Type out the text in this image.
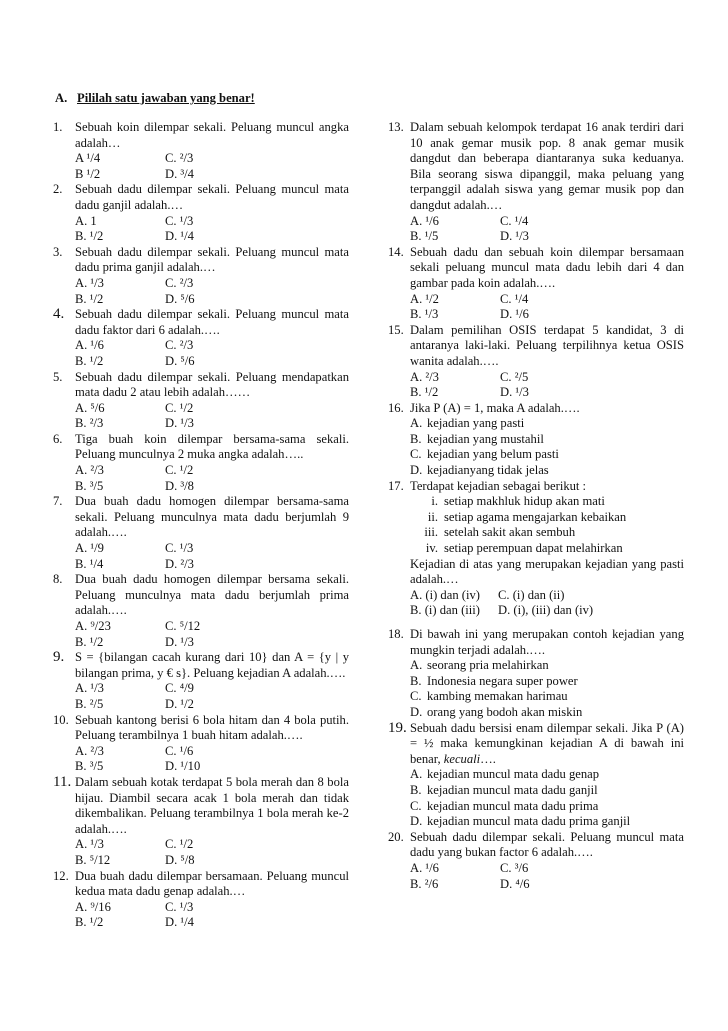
A. Pililah satu jawaban yang benar!
1. Sebuah koin dilempar sekali. Peluang muncul angka adalah…
A ¹/4	C. ²/3
B ¹/2	D. ³/4
2. Sebuah dadu dilempar sekali. Peluang muncul mata dadu ganjil adalah.…
A. 1	C. ¹/3
B. ¹/2	D. ¹/4
3. Sebuah dadu dilempar sekali. Peluang muncul mata dadu prima ganjil adalah.…
A. ¹/3	C. ²/3
B. ¹/2	D. ⁵/6
4. Sebuah dadu dilempar sekali. Peluang muncul mata dadu faktor dari 6 adalah.….
A. ¹/6	C. ²/3
B. ¹/2	D. ⁵/6
5. Sebuah dadu dilempar sekali. Peluang mendapatkan mata dadu 2 atau lebih adalah……
A. ⁵/6	C. ¹/2
B. ²/3	D. ¹/3
6. Tiga buah koin dilempar bersama-sama sekali. Peluang munculnya 2 muka angka adalah…..
A. ²/3	C. ¹/2
B. ³/5	D. ³/8
7. Dua buah dadu homogen dilempar bersama-sama sekali. Peluang munculnya mata dadu berjumlah 9 adalah.….
A. ¹/9	C. ¹/3
B. ¹/4	D. ²/3
8. Dua buah dadu homogen dilempar bersama sekali. Peluang munculnya mata dadu berjumlah prima adalah.….
A. ⁹/23	C. ⁵/12
B. ¹/2	D. ¹/3
9. S = {bilangan cacah kurang dari 10} dan A = {y | y bilangan prima, y € s}. Peluang kejadian A adalah.….
A. ¹/3	C. ⁴/9
B. ²/5	D. ¹/2
10. Sebuah kantong berisi 6 bola hitam dan 4 bola putih. Peluang terambilnya 1 buah hitam adalah.….
A. ²/3	C. ¹/6
B. ³/5	D. ¹/10
11. Dalam sebuah kotak terdapat 5 bola merah dan 8 bola hijau. Diambil secara acak 1 bola merah dan tidak dikembalikan. Peluang terambilnya 1 bola merah ke-2 adalah.….
A. ¹/3	C. ¹/2
B. ⁵/12	D. ⁵/8
12. Dua buah dadu dilempar bersamaan. Peluang muncul kedua mata dadu genap adalah.…
A. ⁹/16	C. ¹/3
B. ¹/2	D. ¹/4
13. Dalam sebuah kelompok terdapat 16 anak terdiri dari 10 anak gemar musik pop. 8 anak gemar musik dangdut dan beberapa diantaranya suka keduanya. Bila seorang siswa dipanggil, maka peluang yang terpanggil adalah siswa yang gemar musik pop dan dangdut adalah.…
A. ¹/6	C. ¹/4
B. ¹/5	D. ¹/3
14. Sebuah dadu dan sebuah koin dilempar bersamaan sekali peluang muncul mata dadu lebih dari 4 dan gambar pada koin adalah.….
A. ¹/2	C. ¹/4
B. ¹/3	D. ¹/6
15. Dalam pemilihan OSIS terdapat 5 kandidat, 3 di antaranya laki-laki. Peluang terpilihnya ketua OSIS wanita adalah.….
A. ²/3	C. ²/5
B. ¹/2	D. ¹/3
16. Jika P (A) = 1, maka A adalah.….
A. kejadian yang pasti
B. kejadian yang mustahil
C. kejadian yang belum pasti
D. kejadianyang tidak jelas
17. Terdapat kejadian sebagai berikut :
i. setiap makhluk hidup akan mati
ii. setiap agama mengajarkan kebaikan
iii. setelah sakit akan sembuh
iv. setiap perempuan dapat melahirkan
Kejadian di atas yang merupakan kejadian yang pasti adalah.…
A. (i) dan (iv)	C. (i) dan (ii)
B. (i) dan (iii)	D. (i), (iii) dan (iv)
18. Di bawah ini yang merupakan contoh kejadian yang mungkin terjadi adalah.….
A. seorang pria melahirkan
B. Indonesia negara super power
C. kambing memakan harimau
D. orang yang bodoh akan miskin
19. Sebuah dadu bersisi enam dilempar sekali. Jika P (A) = ½ maka kemungkinan kejadian A di bawah ini benar, kecuali….
A. kejadian muncul mata dadu genap
B. kejadian muncul mata dadu ganjil
C. kejadian muncul mata dadu prima
D. kejadian muncul mata dadu prima ganjil
20. Sebuah dadu dilempar sekali. Peluang muncul mata dadu yang bukan factor 6 adalah.….
A. ¹/6	C. ³/6
B. ²/6	D. ⁴/6
